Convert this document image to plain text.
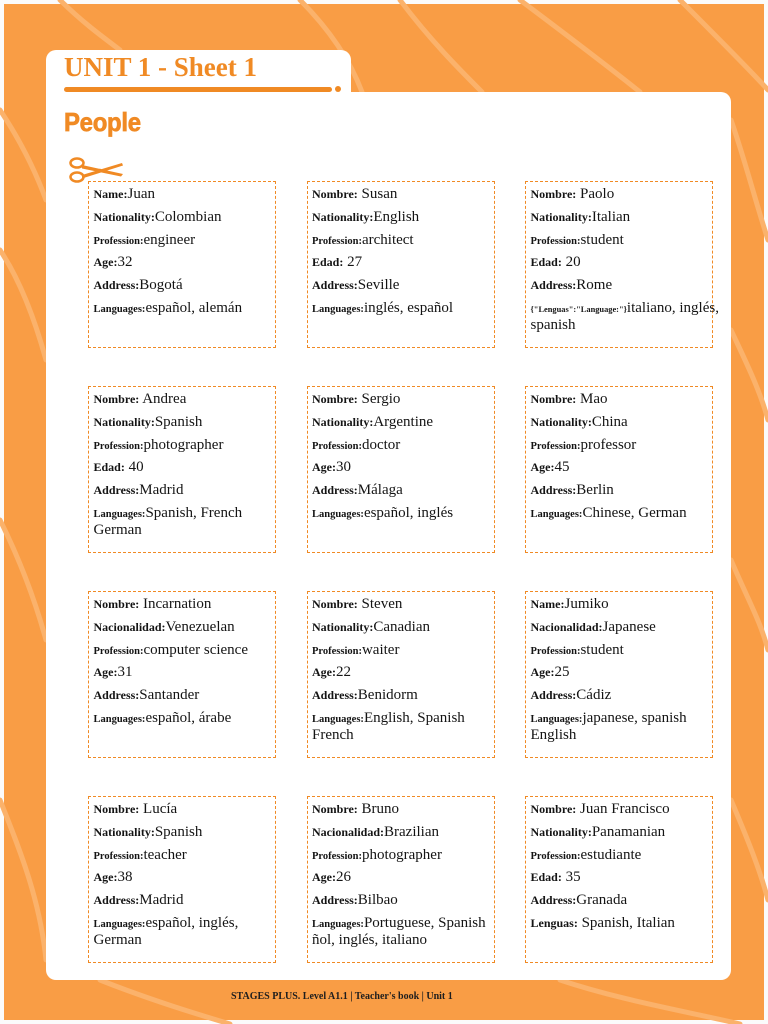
UNIT 1 - Sheet 1
People
Name:Juan
Nationality:Colombian
Profession:engineer
Age:32
Address:Bogotá
Languages:español, alemán
Nombre: Susan
Nationality:English
Profession:architect
Edad: 27
Address:Seville
Languages:inglés, español
Nombre: Paolo
Nationality:Italian
Profession:student
Edad: 20
Address:Rome
{"Lenguas":"Language:"}italiano, inglés,
spanish
Nombre: Andrea
Nationality:Spanish
Profession:photographer
Edad: 40
Address:Madrid
Languages:Spanish, French
German
Nombre: Sergio
Nationality:Argentine
Profession:doctor
Age:30
Address:Málaga
Languages:español, inglés
Nombre: Mao
Nationality:China
Profession:professor
Age:45
Address:Berlin
Languages:Chinese, German
Nombre: Incarnation
Nacionalidad:Venezuelan
Profession:computer science
Age:31
Address:Santander
Languages:español, árabe
Nombre: Steven
Nationality:Canadian
Profession:waiter
Age:22
Address:Benidorm
Languages:English, Spanish
French
Name:Jumiko
Nacionalidad:Japanese
Profession:student
Age:25
Address:Cádiz
Languages:japanese, spanish
English
Nombre: Lucía
Nationality:Spanish
Profession:teacher
Age:38
Address:Madrid
Languages:español, inglés,
German
Nombre: Bruno
Nacionalidad:Brazilian
Profession:photographer
Age:26
Address:Bilbao
Languages:Portuguese, Spanish
ñol, inglés, italiano
Nombre: Juan Francisco
Nationality:Panamanian
Profession:estudiante
Edad: 35
Address:Granada
Lenguas: Spanish, Italian
STAGES PLUS. Level A1.1 | Teacher's book | Unit 1
